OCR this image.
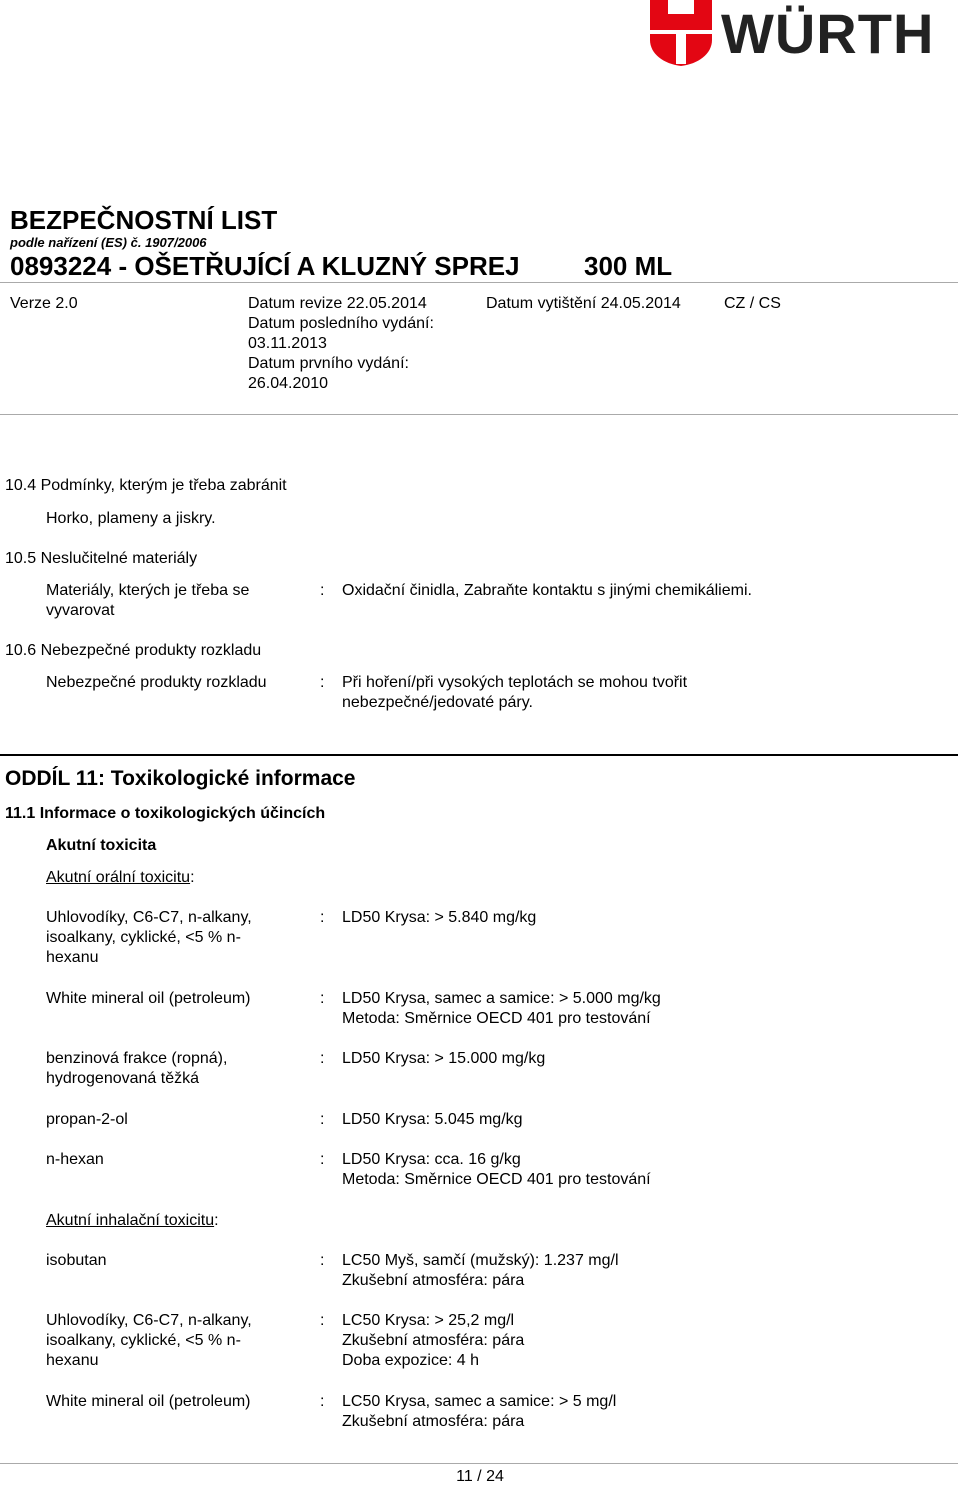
WÜRTH
BEZPEČNOSTNÍ LIST
podle nařízení (ES) č. 1907/2006
0893224 - OŠETŘUJÍCÍ A KLUZNÝ SPREJ 300 ML
Verze 2.0	Datum revize 22.05.2014
Datum posledního vydání:
03.11.2013
Datum prvního vydání:
26.04.2010
Datum vytištění 24.05.2014	CZ / CS
10.4 Podmínky, kterým je třeba zabránit
Horko, plameny a jiskry.
10.5 Neslučitelné materiály
Materiály, kterých je třeba se
vyvarovat
: Oxidační činidla, Zabraňte kontaktu s jinými chemikáliemi.
10.6 Nebezpečné produkty rozkladu
Nebezpečné produkty rozkladu	: Při hoření/při vysokých teplotách se mohou tvořit
nebezpečné/jedovaté páry.
ODDÍL 11: Toxikologické informace
11.1 Informace o toxikologických účincích
Akutní toxicita
Akutní orální toxicitu:
Uhlovodíky, C6-C7, n-alkany,
isoalkany, cyklické, <5 % n-
hexanu
: LD50 Krysa: > 5.840 mg/kg
White mineral oil (petroleum)	: LD50 Krysa, samec a samice: > 5.000 mg/kg
Metoda: Směrnice OECD 401 pro testování
benzinová frakce (ropná),
hydrogenovaná těžká
: LD50 Krysa: > 15.000 mg/kg
propan-2-ol	: LD50 Krysa: 5.045 mg/kg
n-hexan	: LD50 Krysa: cca. 16 g/kg
Metoda: Směrnice OECD 401 pro testování
Akutní inhalační toxicitu:
isobutan	: LC50 Myš, samčí (mužský): 1.237 mg/l
Zkušební atmosféra: pára
Uhlovodíky, C6-C7, n-alkany,
isoalkany, cyklické, <5 % n-
hexanu
: LC50 Krysa: > 25,2 mg/l
Zkušební atmosféra: pára
Doba expozice: 4 h
White mineral oil (petroleum)	: LC50 Krysa, samec a samice: > 5 mg/l
Zkušební atmosféra: pára
11 / 24
